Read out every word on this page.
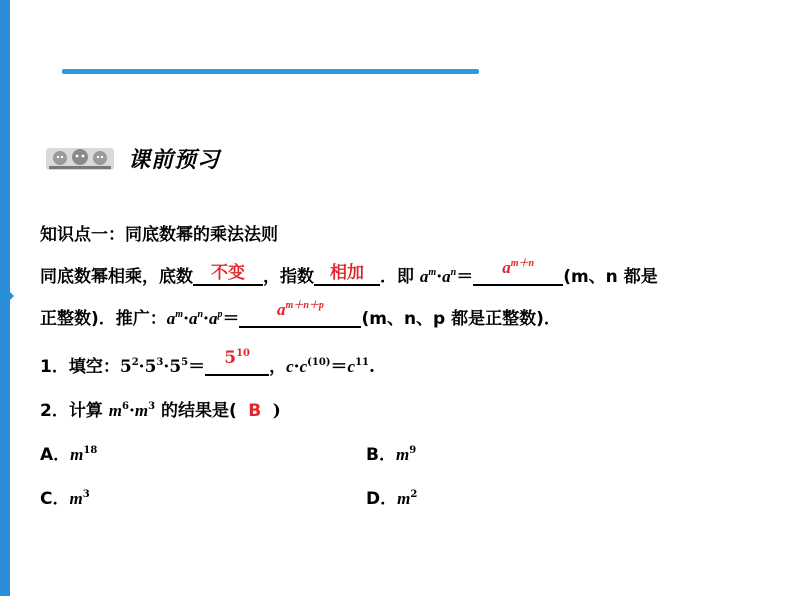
课前预习
知识点一：同底数幂的乘法法则
同底数幂相乘，底数	不变	，指数 相加 ．即 $a^m\cdot a^n=$	$a^{m+n}$
(m、n 都是
正整数)．推广：$a^m\cdot a^n\cdot a^p=$	$a^{m+n+p}$
(m、n、p 都是正整数)．
1．填空：$5^2\cdot 5^3\cdot 5^5=$	$5^{10}$
，$c\cdot c^{(10)}=c^{11}$.
2．计算 $m^6\cdot m^3$ 的结果是( B )
A．$m^{18}$	B．$m^9$
C．$m^3$	D．$m^2$
